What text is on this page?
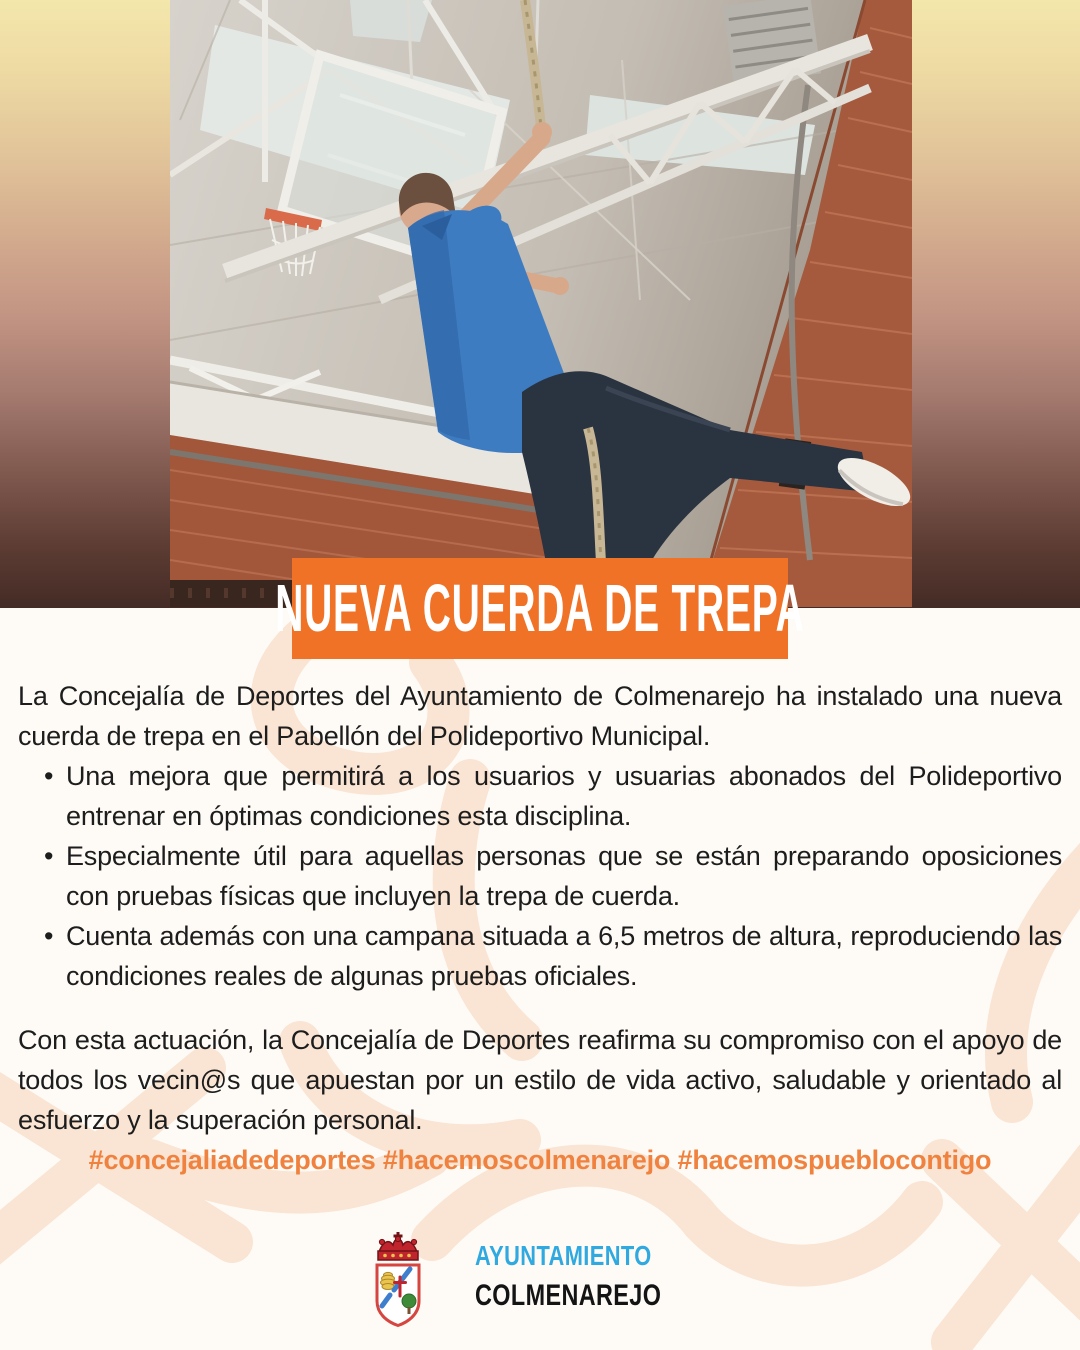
NUEVA CUERDA DE TREPA

La Concejalía de Deportes del Ayuntamiento de Colmenarejo ha instalado una nueva cuerda de trepa en el Pabellón del Polideportivo Municipal.

• Una mejora que permitirá a los usuarios y usuarias abonados del Polideportivo entrenar en óptimas condiciones esta disciplina.
• Especialmente útil para aquellas personas que se están preparando oposiciones con pruebas físicas que incluyen la trepa de cuerda.
• Cuenta además con una campana situada a 6,5 metros de altura, reproduciendo las condiciones reales de algunas pruebas oficiales.

Con esta actuación, la Concejalía de Deportes reafirma su compromiso con el apoyo de todos los vecin@s que apuestan por un estilo de vida activo, saludable y orientado al esfuerzo y la superación personal.

#concejaliadedeportes #hacemoscolmenarejo #hacemospueblocontigo

AYUNTAMIENTO
COLMENAREJO
